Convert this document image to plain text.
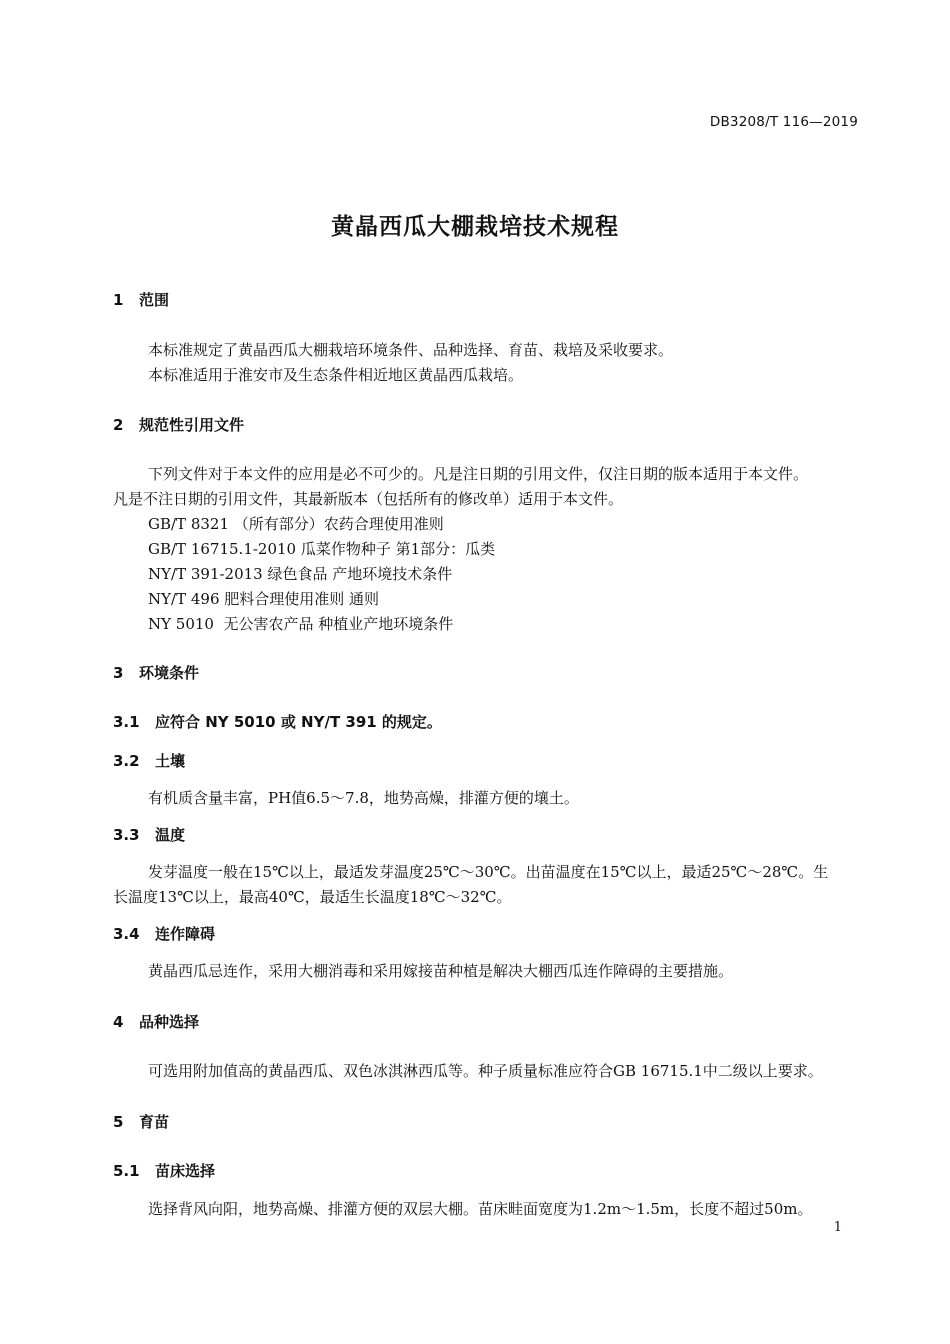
DB3208/T 116—2019
黄晶西瓜大棚栽培技术规程
1 范围
本标准规定了黄晶西瓜大棚栽培环境条件、品种选择、育苗、栽培及采收要求。
本标准适用于淮安市及生态条件相近地区黄晶西瓜栽培。
2 规范性引用文件
下列文件对于本文件的应用是必不可少的。凡是注日期的引用文件，仅注日期的版本适用于本文件。
凡是不注日期的引用文件，其最新版本（包括所有的修改单）适用于本文件。
GB/T 8321 （所有部分）农药合理使用准则
GB/T 16715.1-2010 瓜菜作物种子 第1部分：瓜类
NY/T 391-2013 绿色食品 产地环境技术条件
NY/T 496 肥料合理使用准则 通则
NY 5010  无公害农产品 种植业产地环境条件
3 环境条件
3.1 应符合 NY 5010 或 NY/T 391 的规定。
3.2 土壤
有机质含量丰富，PH值6.5～7.8，地势高燥，排灌方便的壤土。
3.3 温度
发芽温度一般在15℃以上，最适发芽温度25℃～30℃。出苗温度在15℃以上，最适25℃～28℃。生
长温度13℃以上，最高40℃，最适生长温度18℃～32℃。
3.4 连作障碍
黄晶西瓜忌连作，采用大棚消毒和采用嫁接苗种植是解决大棚西瓜连作障碍的主要措施。
4 品种选择
可选用附加值高的黄晶西瓜、双色冰淇淋西瓜等。种子质量标准应符合GB 16715.1中二级以上要求。
5 育苗
5.1 苗床选择
选择背风向阳，地势高燥、排灌方便的双层大棚。苗床畦面宽度为1.2m～1.5m，长度不超过50m。
1
